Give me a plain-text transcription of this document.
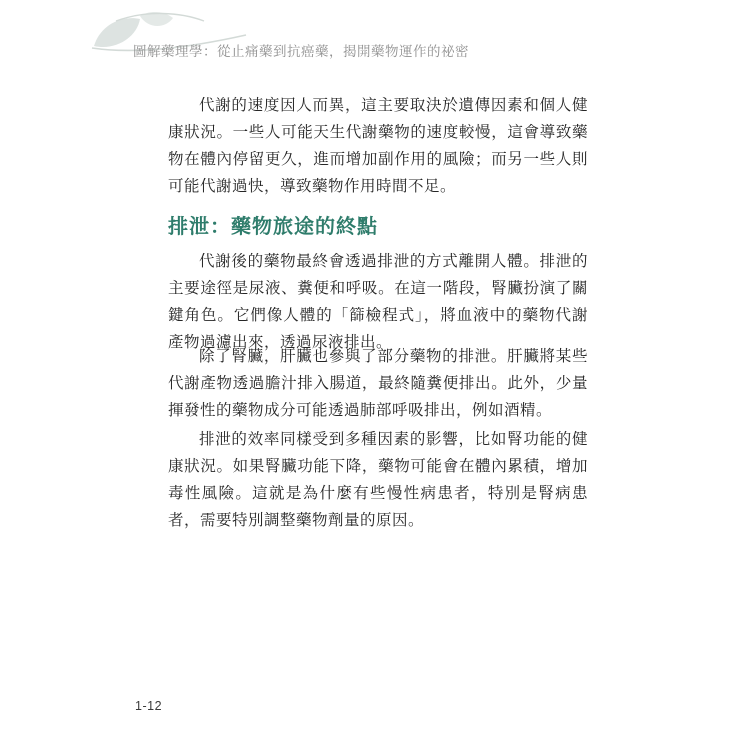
圖解藥理學：從止痛藥到抗癌藥，揭開藥物運作的祕密

代謝的速度因人而異，這主要取決於遺傳因素和個人健康狀況。一些人可能天生代謝藥物的速度較慢，這會導致藥物在體內停留更久，進而增加副作用的風險；而另一些人則可能代謝過快，導致藥物作用時間不足。

排泄：藥物旅途的終點

代謝後的藥物最終會透過排泄的方式離開人體。排泄的主要途徑是尿液、糞便和呼吸。在這一階段，腎臟扮演了關鍵角色。它們像人體的「篩檢程式」，將血液中的藥物代謝產物過濾出來，透過尿液排出。

除了腎臟，肝臟也參與了部分藥物的排泄。肝臟將某些代謝產物透過膽汁排入腸道，最終隨糞便排出。此外，少量揮發性的藥物成分可能透過肺部呼吸排出，例如酒精。

排泄的效率同樣受到多種因素的影響，比如腎功能的健康狀況。如果腎臟功能下降，藥物可能會在體內累積，增加毒性風險。這就是為什麼有些慢性病患者，特別是腎病患者，需要特別調整藥物劑量的原因。

1-12
